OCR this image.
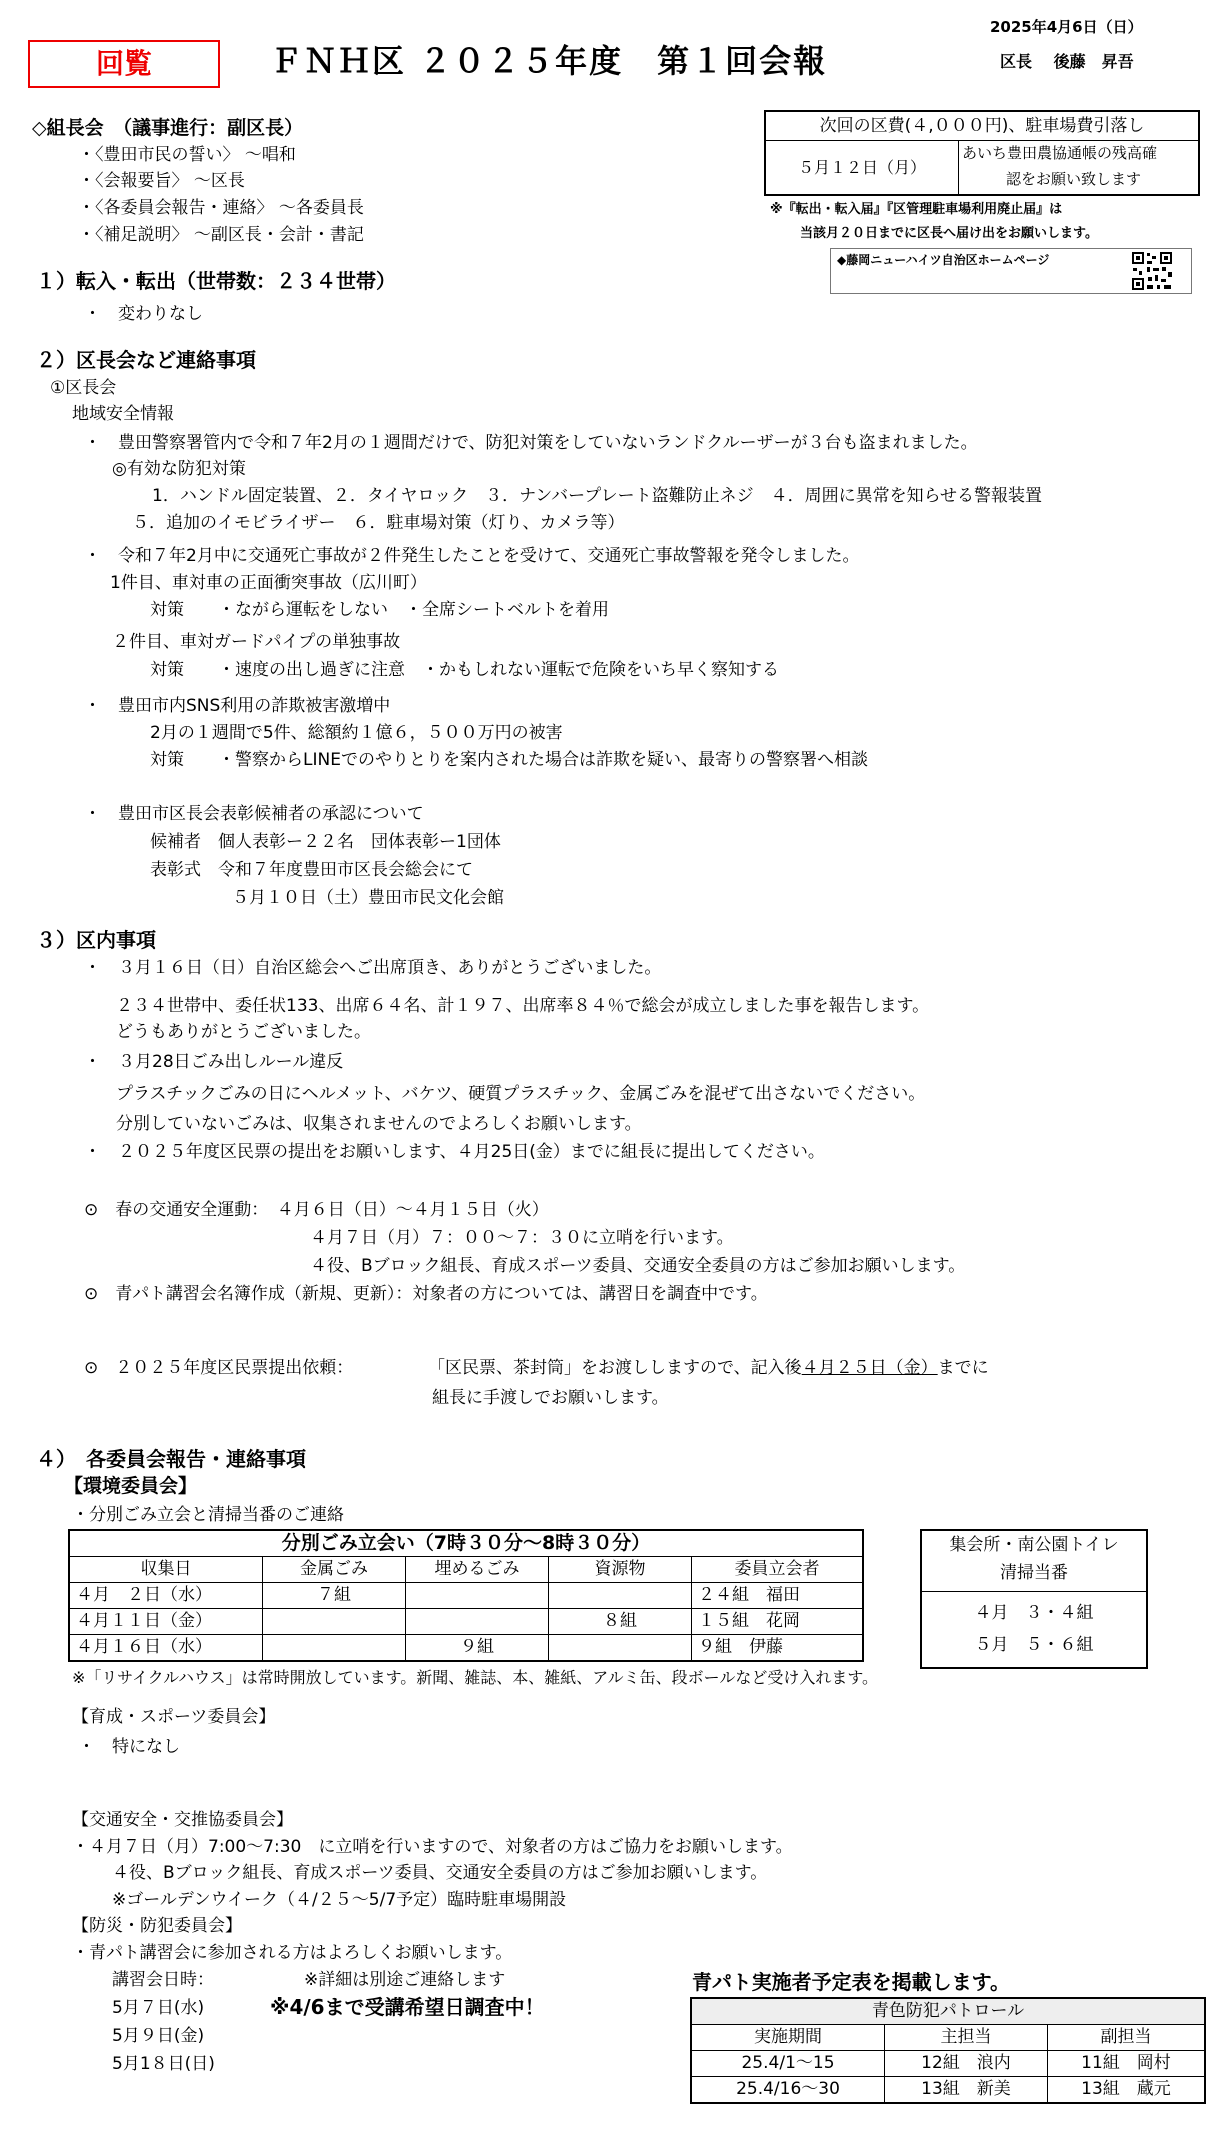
回覧	ＦＮＨ区 ２０２５年度　第１回会報
2025年4月6日（日）
区長　 後藤　昇吾
次回の区費(４,０００円)、駐車場費引落し
５月１２日（月）
あいち豊田農協通帳の残高確
認をお願い致します
※『転出・転入届』『区管理駐車場利用廃止届』は
当該月２０日までに区長へ届け出をお願いします。
◆藤岡ニューハイツ自治区ホームページ
◇組長会　（議事進行：副区長）
・〈豊田市民の誓い〉 ～唱和
・〈会報要旨〉 ～区長
・〈各委員会報告・連絡〉 ～各委員長
・〈補足説明〉 ～副区長・会計・書記
１）転入・転出（世帯数：２３４世帯）
・　変わりなし
２）区長会など連絡事項
①区長会
地域安全情報
・　豊田警察署管内で令和７年2月の１週間だけで、防犯対策をしていないランドクルーザーが３台も盗まれました。
◎有効な防犯対策
1．ハンドル固定装置、２．タイヤロック　３．ナンバープレート盗難防止ネジ　４．周囲に異常を知らせる警報装置
５．追加のイモビライザー　６．駐車場対策（灯り、カメラ等）
・　令和７年2月中に交通死亡事故が２件発生したことを受けて、交通死亡事故警報を発令しました。
1件目、車対車の正面衝突事故（広川町）
対策　　・ながら運転をしない　・全席シートベルトを着用
２件目、車対ガードパイプの単独事故
対策　　・速度の出し過ぎに注意　・かもしれない運転で危険をいち早く察知する
・　豊田市内SNS利用の詐欺被害激増中
2月の１週間で5件、総額約１億６，５００万円の被害
対策　　・警察からLINEでのやりとりを案内された場合は詐欺を疑い、最寄りの警察署へ相談
・　豊田市区長会表彰候補者の承認について
候補者　個人表彰ー２２名　団体表彰ー1団体
表彰式　令和７年度豊田市区長会総会にて
５月１０日（土）豊田市民文化会館
３）区内事項
・　３月１６日（日）自治区総会へご出席頂き、ありがとうございました。
２３４世帯中、委任状133、出席６４名、計１９７、出席率８４％で総会が成立しました事を報告します。
どうもありがとうございました。
・　３月28日ごみ出しルール違反
プラスチックごみの日にヘルメット、バケツ、硬質プラスチック、金属ごみを混ぜて出さないでください。
分別していないごみは、収集されませんのでよろしくお願いします。
・　２０２５年度区民票の提出をお願いします、４月25日(金）までに組長に提出してください。
⊙　春の交通安全運動：　４月６日（日）～４月１５日（火）
４月７日（月）７：００～７：３０に立哨を行います。
４役、Bブロック組長、育成スポーツ委員、交通安全委員の方はご参加お願いします。
⊙　青パト講習会名簿作成（新規、更新）：対象者の方については、講習日を調査中です。
⊙　２０２５年度区民票提出依頼：	「区民票、茶封筒」をお渡ししますので、記入後４月２５日（金）までに
組長に手渡しでお願いします。
４）　各委員会報告・連絡事項
【環境委員会】
・分別ごみ立会と清掃当番のご連絡
分別ごみ立会い（7時３０分～8時３０分）				
収集日	金属ごみ	埋めるごみ	資源物	委員立会者
４月　２日（水）	７組			２４組　福田
４月１１日（金）			８組	１５組　花岡
４月１６日（水）		９組		９組　伊藤
集会所・南公園トイレ
清掃当番
４月　３・４組
５月　５・６組
※「リサイクルハウス」は常時開放しています。新聞、雑誌、本、雑紙、アルミ缶、段ボールなど受け入れます。
【育成・スポーツ委員会】
・　特になし
【交通安全・交推協委員会】
・４月７日（月）7:00～7:30　に立哨を行いますので、対象者の方はご協力をお願いします。
４役、Bブロック組長、育成スポーツ委員、交通安全委員の方はご参加お願いします。
※ゴールデンウイーク（４/２５～5/7予定）臨時駐車場開設
【防災・防犯委員会】
・青パト講習会に参加される方はよろしくお願いします。
講習会日時：	※詳細は別途ご連絡します
5月７日(水)	※4/6まで受講希望日調査中！
5月９日(金)
5月1８日(日)
青パト実施者予定表を掲載します。
青色防犯パトロール		
実施期間	主担当	副担当
25.4/1～15	12組　浪内	11組　岡村
25.4/16～30	13組　新美	13組　蔵元
